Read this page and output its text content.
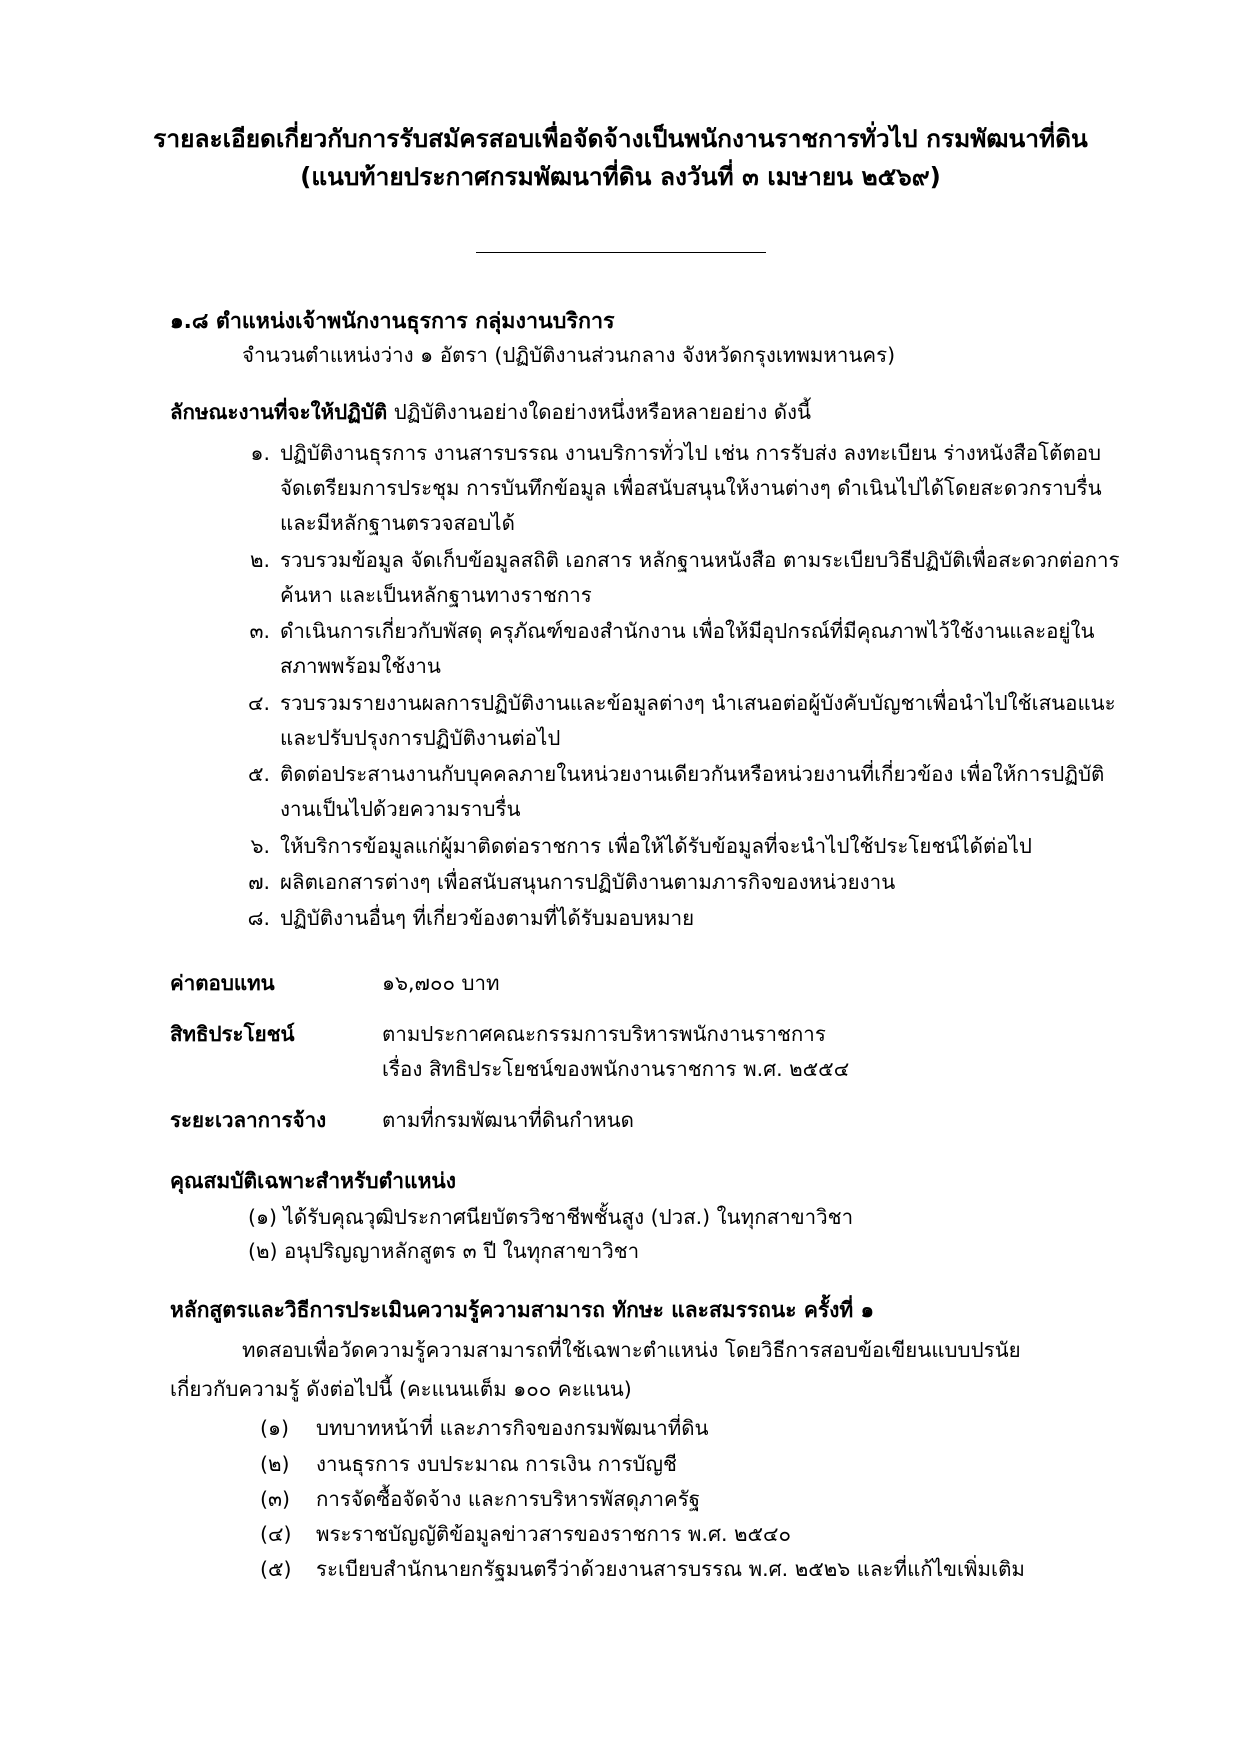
รายละเอียดเกี่ยวกับการรับสมัครสอบเพื่อจัดจ้างเป็นพนักงานราชการทั่วไป กรมพัฒนาที่ดิน
(แนบท้ายประกาศกรมพัฒนาที่ดิน ลงวันที่ ๓ เมษายน ๒๕๖๙)
๑.๘ ตำแหน่งเจ้าพนักงานธุรการ กลุ่มงานบริการ
จำนวนตำแหน่งว่าง ๑ อัตรา (ปฏิบัติงานส่วนกลาง จังหวัดกรุงเทพมหานคร)
ลักษณะงานที่จะให้ปฏิบัติ ปฏิบัติงานอย่างใดอย่างหนึ่งหรือหลายอย่าง ดังนี้
๑. ปฏิบัติงานธุรการ งานสารบรรณ งานบริการทั่วไป เช่น การรับส่ง ลงทะเบียน ร่างหนังสือโต้ตอบ จัดเตรียมการประชุม การบันทึกข้อมูล เพื่อสนับสนุนให้งานต่างๆ ดำเนินไปได้โดยสะดวกราบรื่น และมีหลักฐานตรวจสอบได้
๒. รวบรวมข้อมูล จัดเก็บข้อมูลสถิติ เอกสาร หลักฐานหนังสือ ตามระเบียบวิธีปฏิบัติเพื่อสะดวกต่อการค้นหา และเป็นหลักฐานทางราชการ
๓. ดำเนินการเกี่ยวกับพัสดุ ครุภัณฑ์ของสำนักงาน เพื่อให้มีอุปกรณ์ที่มีคุณภาพไว้ใช้งานและอยู่ในสภาพพร้อมใช้งาน
๔. รวบรวมรายงานผลการปฏิบัติงานและข้อมูลต่างๆ นำเสนอต่อผู้บังคับบัญชาเพื่อนำไปใช้เสนอแนะ และปรับปรุงการปฏิบัติงานต่อไป
๕. ติดต่อประสานงานกับบุคคลภายในหน่วยงานเดียวกันหรือหน่วยงานที่เกี่ยวข้อง เพื่อให้การปฏิบัติงานเป็นไปด้วยความราบรื่น
๖. ให้บริการข้อมูลแก่ผู้มาติดต่อราชการ เพื่อให้ได้รับข้อมูลที่จะนำไปใช้ประโยชน์ได้ต่อไป
๗. ผลิตเอกสารต่างๆ เพื่อสนับสนุนการปฏิบัติงานตามภารกิจของหน่วยงาน
๘. ปฏิบัติงานอื่นๆ ที่เกี่ยวข้องตามที่ได้รับมอบหมาย
ค่าตอบแทน	๑๖,๗๐๐ บาท

สิทธิประโยชน์	ตามประกาศคณะกรรมการบริหารพนักงานราชการ
เรื่อง สิทธิประโยชน์ของพนักงานราชการ พ.ศ. ๒๕๕๔

ระยะเวลาการจ้าง	ตามที่กรมพัฒนาที่ดินกำหนด
คุณสมบัติเฉพาะสำหรับตำแหน่ง
(๑) ได้รับคุณวุฒิประกาศนียบัตรวิชาชีพชั้นสูง (ปวส.) ในทุกสาขาวิชา
(๒) อนุปริญญาหลักสูตร ๓ ปี ในทุกสาขาวิชา
หลักสูตรและวิธีการประเมินความรู้ความสามารถ ทักษะ และสมรรถนะ ครั้งที่ ๑
ทดสอบเพื่อวัดความรู้ความสามารถที่ใช้เฉพาะตำแหน่ง โดยวิธีการสอบข้อเขียนแบบปรนัย
เกี่ยวกับความรู้ ดังต่อไปนี้ (คะแนนเต็ม ๑๐๐ คะแนน)
(๑)	บทบาทหน้าที่ และภารกิจของกรมพัฒนาที่ดิน
(๒)	งานธุรการ งบประมาณ การเงิน การบัญชี
(๓)	การจัดซื้อจัดจ้าง และการบริหารพัสดุภาครัฐ
(๔)	พระราชบัญญัติข้อมูลข่าวสารของราชการ พ.ศ. ๒๕๔๐
(๕)	ระเบียบสำนักนายกรัฐมนตรีว่าด้วยงานสารบรรณ พ.ศ. ๒๕๒๖ และที่แก้ไขเพิ่มเติม
